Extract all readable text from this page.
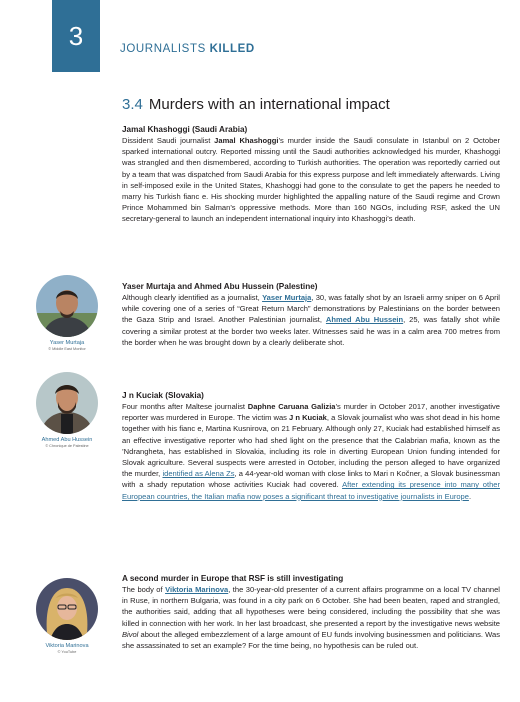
3	JOURNALISTS KILLED
3.4 Murders with an international impact
Jamal Khashoggi (Saudi Arabia)

Dissident Saudi journalist Jamal Khashoggi’s murder inside the Saudi consulate in Istanbul on 2 October sparked international outcry. Reported missing until the Saudi authorities acknowledged his murder, Khashoggi was strangled and then dismembered, according to Turkish authorities. The operation was reportedly carried out by a team that was dispatched from Saudi Arabia for this express purpose and left immediately afterwards. Living in self-imposed exile in the United States, Khashoggi had gone to the consulate to get the papers he needed to marry his Turkish fianc e. His shocking murder highlighted the appalling nature of the Saudi regime and Crown Prince Mohammed bin Salman’s oppressive methods. More than 160 NGOs, including RSF, asked the UN secretary-general to launch an independent international inquiry into Khashoggi’s death.

Yaser Murtaja and Ahmed Abu Hussein (Palestine)

Although clearly identified as a journalist, Yaser Murtaja, 30, was fatally shot by an Israeli army sniper on 6 April while covering one of a series of “Great Return March” demonstrations by Palestinians on the border between the Gaza Strip and Israel. Another Palestinian journalist, Ahmed Abu Hussein, 25, was fatally shot while covering a similar protest at the border two weeks later. Witnesses said he was in a calm area 700 metres from the border when he was brought down by a clearly deliberate shot.

J n Kuciak (Slovakia)

Four months after Maltese journalist Daphne Caruana Galizia’s murder in October 2017, another investigative reporter was murdered in Europe. The victim was J n Kuciak, a Slovak journalist who was shot dead in his home together with his fianc e, Martina Kusnirova, on 21 February. Although only 27, Kuciak had established himself as an effective investigative reporter who had shed light on the presence that the Calabrian mafia, known as the ’Ndrangheta, has established in Slovakia, including its role in diverting European Union funding intended for Slovak agriculture. Several suspects were arrested in October, including the person alleged to have organized the murder, identified as Alena Zs, a 44-year-old woman with close links to Mari n Kočner, a Slovak businessman with a shady reputation whose activities Kuciak had covered. After extending its presence into many other European countries, the Italian mafia now poses a significant threat to investigative journalists in Europe.

A second murder in Europe that RSF is still investigating

The body of Viktoria Marinova, the 30-year-old presenter of a current affairs programme on a local TV channel in Ruse, in northern Bulgaria, was found in a city park on 6 October. She had been beaten, raped and strangled, the authorities said, adding that all hypotheses were being considered, including the possibility that she was killed in connection with her work. In her last broadcast, she presented a report by the investigative news website Bivol about the alleged embezzlement of a large amount of EU funds involving businessmen and politicians. Was she assassinated to set an example? For the time being, no hypothesis can be ruled out.

Yaser Murtaja
© Middle East Monitor
Ahmed Abu Hussein
© Chronique de Palestine
Viktoria Marinova
© YouTube
